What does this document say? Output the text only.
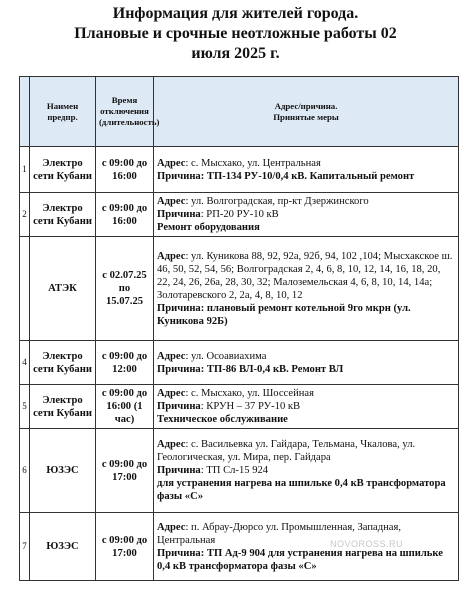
Информация для жителей города.
Плановые и срочные неотложные работы 02
июля 2025 г.
	Наимен предпр.	Время отключения (длительность)	Адрес/причина.
Принятые меры

1	Электро сети Кубани	с 09:00 до 16:00	Адрес: с. Мысхако, ул. Центральная
Причина: ТП-134 РУ-10/0,4 кВ. Капитальный ремонт
2	Электро сети Кубани	с 09:00 до 16:00	Адрес: ул. Волгоградская, пр-кт Дзержинского
Причина: РП-20 РУ-10 кВ
Ремонт оборудования
	АТЭК	с 02.07.25 по 15.07.25	Адрес: ул. Куникова 88, 92, 92а, 92б, 94, 102 ,104; Мысхакское ш. 46, 50, 52, 54, 56; Волгоградская 2, 4, 6, 8, 10, 12, 14, 16, 18, 20, 22, 24, 26, 26а, 28, 30, 32; Малоземельская 4, 6, 8, 10, 14, 14а; Золотаревского 2, 2а, 4, 8, 10, 12
Причина: плановый ремонт котельной 9го мкрн (ул. Куникова 92Б)
4	Электро сети Кубани	с 09:00 до 12:00	Адрес: ул. Осоавиахима
Причина: ТП-86 ВЛ-0,4 кВ. Ремонт ВЛ
5	Электро сети Кубани	с 09:00 до 16:00 (1 час)	Адрес: с. Мысхако, ул. Шоссейная
Причина: КРУН – 37 РУ-10 кВ
Техническое обслуживание
6	ЮЗЭС	с 09:00 до 17:00	Адрес: с. Васильевка ул. Гайдара, Тельмана, Чкалова, ул. Геологическая, ул. Мира, пер. Гайдара
Причина: ТП Сл-15 924
для устранения нагрева на шпильке 0,4 кВ трансформатора фазы «С»
7	ЮЗЭС	с 09:00 до 17:00	Адрес: п. Абрау-Дюрсо ул. Промышленная, Западная, Центральная
Причина: ТП Ад-9 904 для устранения нагрева на шпильке 0,4 кВ трансформатора фазы «С»
NOVOROSS.RU
